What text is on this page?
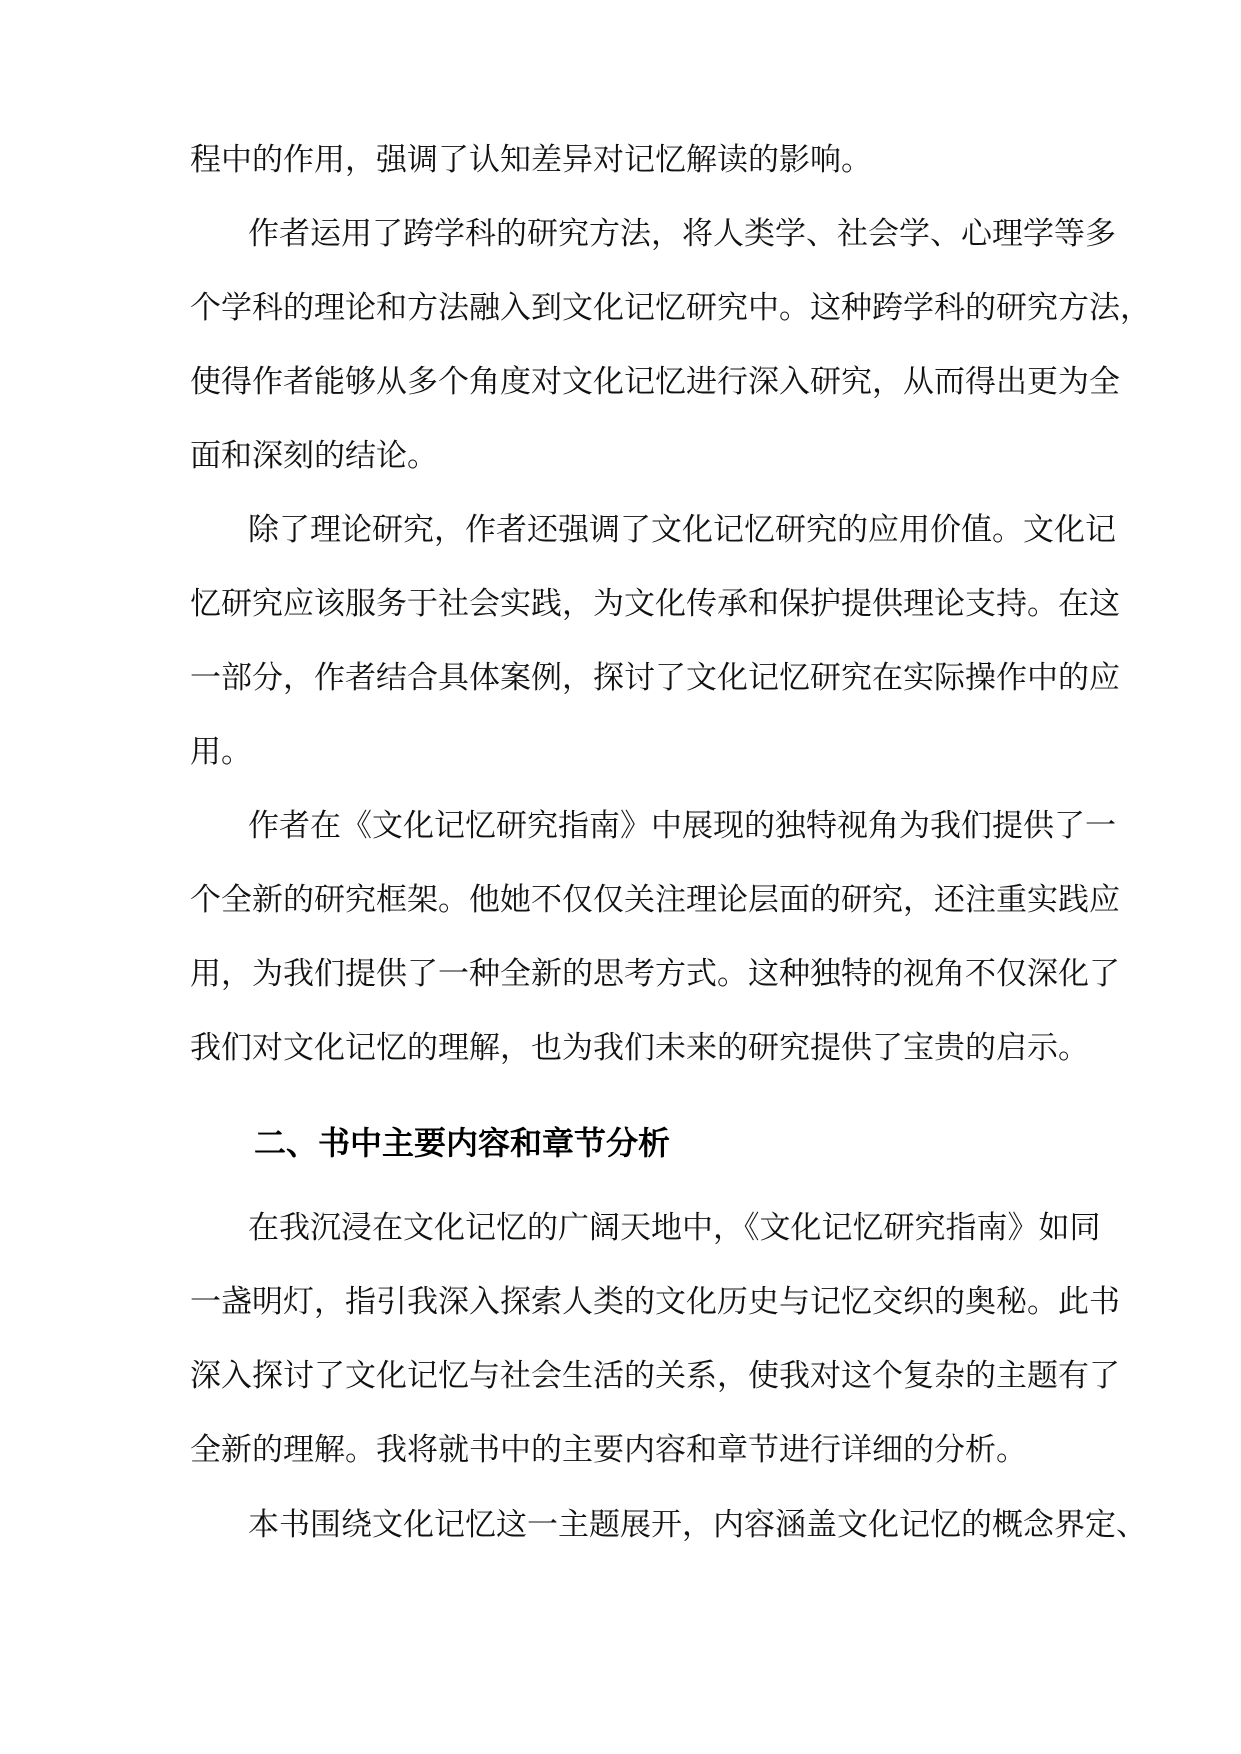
程中的作用，强调了认知差异对记忆解读的影响。
作者运用了跨学科的研究方法，将人类学、社会学、心理学等多
个学科的理论和方法融入到文化记忆研究中。这种跨学科的研究方法，
使得作者能够从多个角度对文化记忆进行深入研究，从而得出更为全
面和深刻的结论。
除了理论研究，作者还强调了文化记忆研究的应用价值。文化记
忆研究应该服务于社会实践，为文化传承和保护提供理论支持。在这
一部分，作者结合具体案例，探讨了文化记忆研究在实际操作中的应
用。
作者在《文化记忆研究指南》中展现的独特视角为我们提供了一
个全新的研究框架。他她不仅仅关注理论层面的研究，还注重实践应
用，为我们提供了一种全新的思考方式。这种独特的视角不仅深化了
我们对文化记忆的理解，也为我们未来的研究提供了宝贵的启示。
二、书中主要内容和章节分析
在我沉浸在文化记忆的广阔天地中，《文化记忆研究指南》如同
一盏明灯，指引我深入探索人类的文化历史与记忆交织的奥秘。此书
深入探讨了文化记忆与社会生活的关系，使我对这个复杂的主题有了
全新的理解。我将就书中的主要内容和章节进行详细的分析。
本书围绕文化记忆这一主题展开，内容涵盖文化记忆的概念界定、
